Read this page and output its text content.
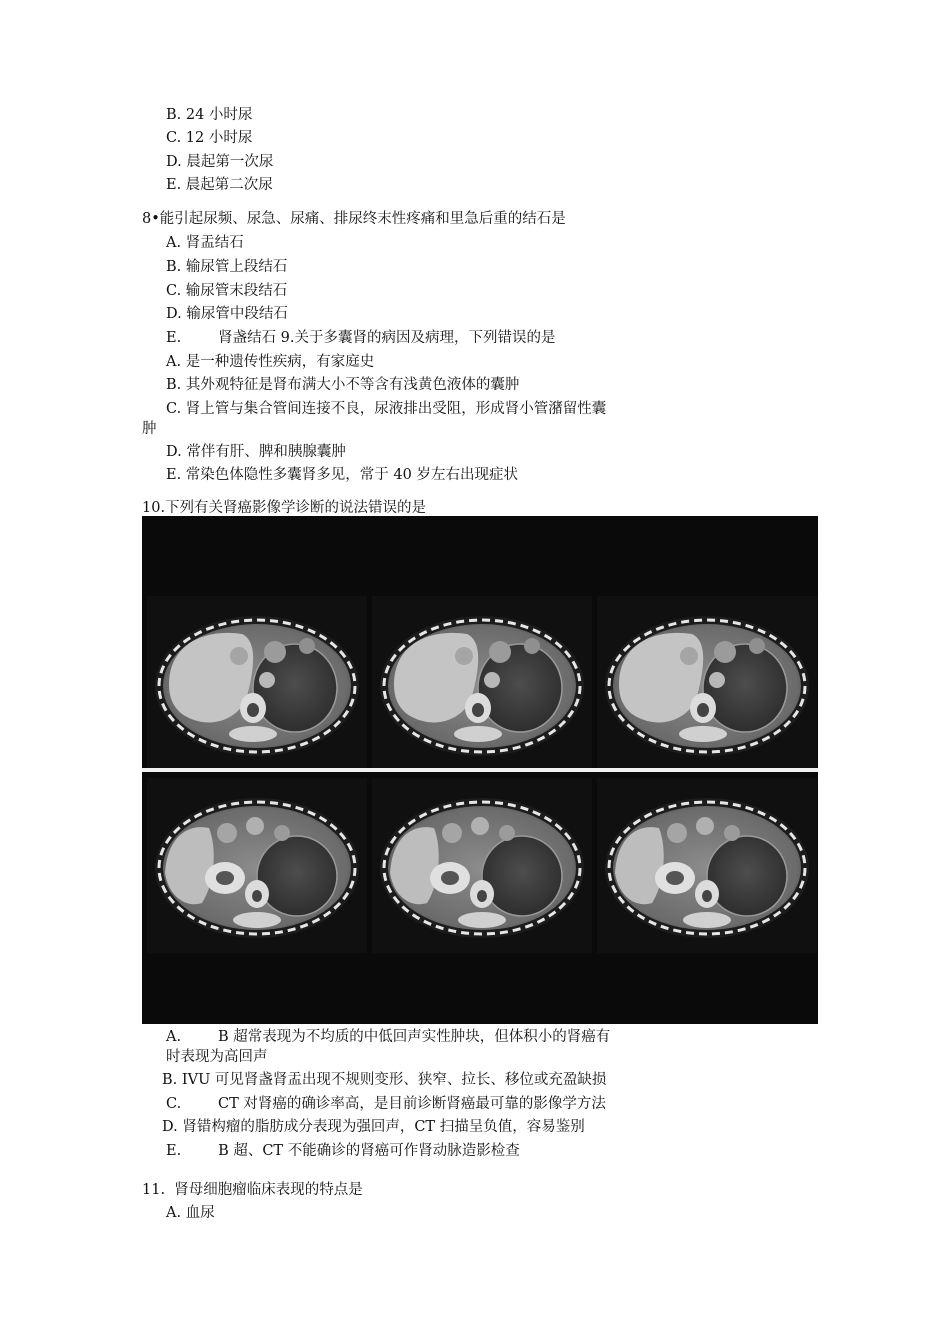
B. 24 小时尿
C. 12 小时尿
D. 晨起第一次尿
E. 晨起第二次尿
8•能引起尿频、尿急、尿痛、排尿终末性疼痛和里急后重的结石是
A. 肾盂结石
B. 输尿管上段结石
C. 输尿管末段结石
D. 输尿管中段结石
E.        肾盏结石 9.关于多囊肾的病因及病理，下列错误的是
A. 是一种遗传性疾病，有家庭史
B. 其外观特征是肾布满大小不等含有浅黄色液体的囊肿
C. 肾上管与集合管间连接不良，尿液排出受阻，形成肾小管潴留性囊
肿
D. 常伴有肝、脾和胰腺囊肿
E. 常染色体隐性多囊肾多见，常于 40 岁左右出现症状
10.下列有关肾癌影像学诊断的说法错误的是
A.        B 超常表现为不均质的中低回声实性肿块，但体积小的肾癌有
时表现为高回声
B. IVU 可见肾盏肾盂出现不规则变形、狭窄、拉长、移位或充盈缺损
C.        CT 对肾癌的确诊率高，是目前诊断肾癌最可靠的影像学方法
D. 肾错构瘤的脂肪成分表现为强回声，CT 扫描呈负值，容易鉴别
E.        B 超、CT 不能确诊的肾癌可作肾动脉造影检查
11.  肾母细胞瘤临床表现的特点是
A. 血尿
